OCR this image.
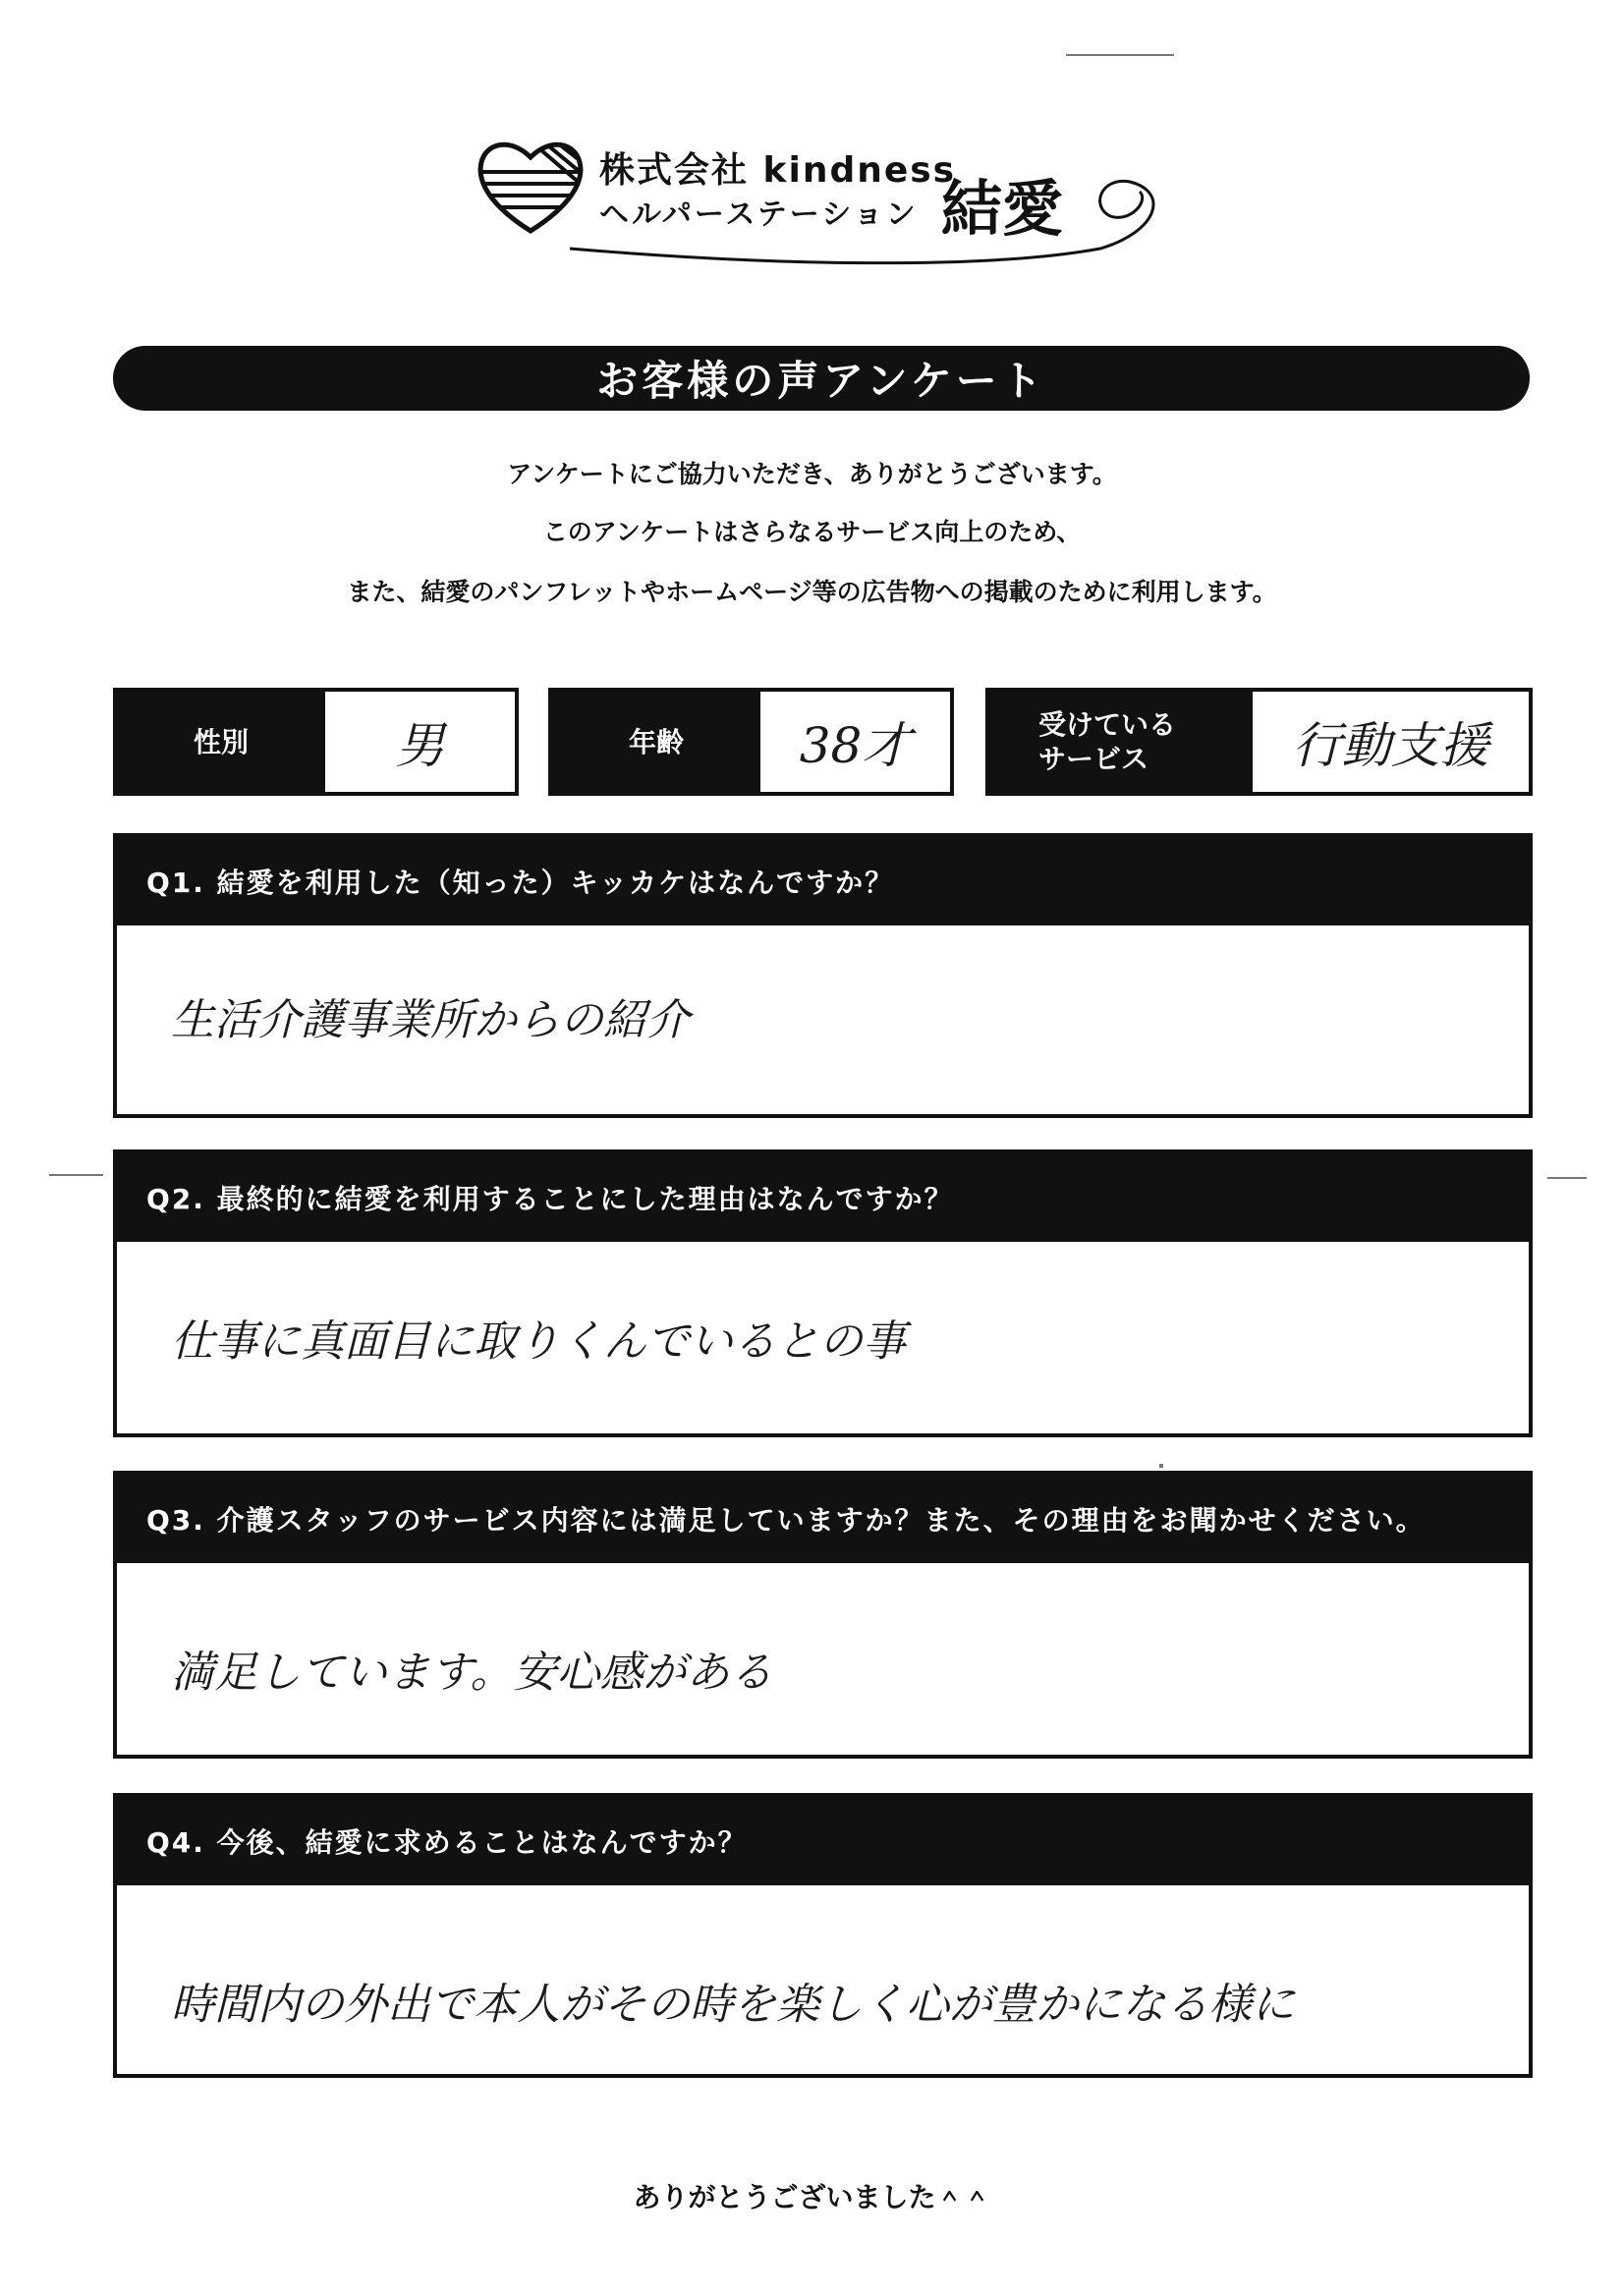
株式会社 kindness
ヘルパーステーション 結愛
お客様の声アンケート
アンケートにご協力いただき、ありがとうございます。
このアンケートはさらなるサービス向上のため、
また、結愛のパンフレットやホームページ等の広告物への掲載のために利用します。
性別	男	年齢	38才	受けている
サービス	行動支援
Q1. 結愛を利用した（知った）キッカケはなんですか？
生活介護事業所からの紹介
Q2. 最終的に結愛を利用することにした理由はなんですか？
仕事に真面目に取りくんでいるとの事
Q3. 介護スタッフのサービス内容には満足していますか？また、その理由をお聞かせください。
満足しています。安心感がある
Q4. 今後、結愛に求めることはなんですか？
時間内の外出で本人がその時を楽しく心が豊かになる様に
ありがとうございました＾＾
